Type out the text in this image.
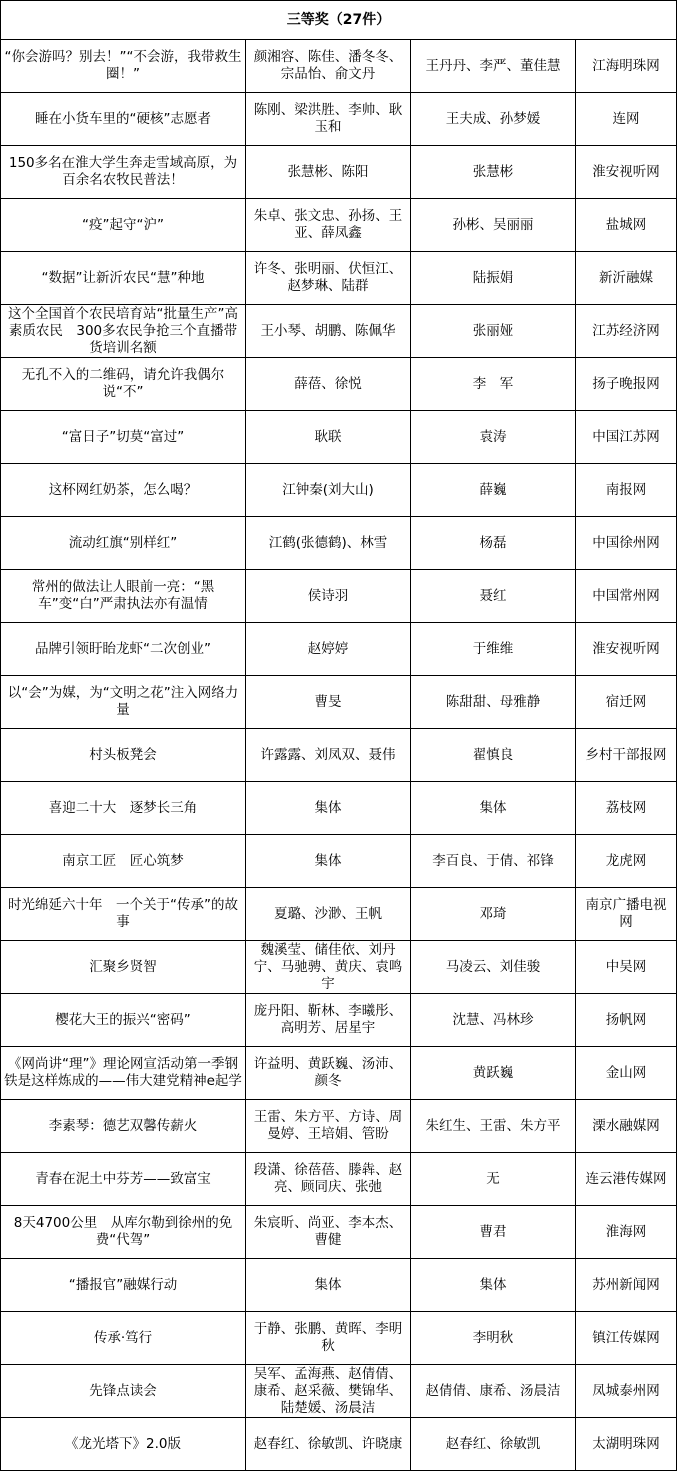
三等奖（27件）			
“你会游吗？别去！”“不会游，我带救生圈！”	颜湘容、陈佳、潘冬冬、宗品怡、俞文丹	王丹丹、李严、董佳慧	江海明珠网
睡在小货车里的“硬核”志愿者	陈刚、梁洪胜、李帅、耿玉和	王夫成、孙梦媛	连网
150多名在淮大学生奔走雪域高原，为百余名农牧民普法！	张慧彬、陈阳	张慧彬	淮安视听网
“疫”起守“沪”	朱卓、张文忠、孙扬、王亚、薛凤鑫	孙彬、吴丽丽	盐城网
“数据”让新沂农民“慧”种地	许冬、张明丽、伏恒江、赵梦琳、陆群	陆振娟	新沂融媒
这个全国首个农民培育站“批量生产”高素质农民　300多农民争抢三个直播带货培训名额	王小琴、胡鹏、陈佩华	张丽娅	江苏经济网
无孔不入的二维码，请允许我偶尔说“不”	薛蓓、徐悦	李　军	扬子晚报网
“富日子”切莫“富过”	耿联	袁涛	中国江苏网
这杯网红奶茶，怎么喝？	江钟秦(刘大山)	薛巍	南报网
流动红旗“别样红”	江鹤(张德鹤)、林雪	杨磊	中国徐州网
常州的做法让人眼前一亮：“黑车”变“白”严肃执法亦有温情	侯诗羽	聂红	中国常州网
品牌引领盱眙龙虾“二次创业”	赵婷婷	于维维	淮安视听网
以“会”为媒，为“文明之花”注入网络力量	曹旻	陈甜甜、母雅静	宿迁网
村头板凳会	许露露、刘凤双、聂伟	翟慎良	乡村干部报网
喜迎二十大　逐梦长三角	集体	集体	荔枝网
南京工匠　匠心筑梦	集体	李百良、于倩、祁锋	龙虎网
时光绵延六十年　一个关于“传承”的故事	夏璐、沙渺、王帆	邓琦	南京广播电视网
汇聚乡贤智	魏溪莹、储佳依、刘丹宁、马驰骋、黄庆、袁鸣宇	马凌云、刘佳骏	中吴网
樱花大王的振兴“密码”	庞丹阳、靳林、李曦彤、高明芳、居星宇	沈慧、冯林珍	扬帆网
《网尚讲“理”》理论网宣活动第一季钢铁是这样炼成的——伟大建党精神e起学	许益明、黄跃巍、汤沛、颜冬	黄跃巍	金山网
李素琴：德艺双馨传薪火	王雷、朱方平、方诗、周曼婷、王培娟、管盼	朱红生、王雷、朱方平	溧水融媒网
青春在泥土中芬芳——致富宝	段潇、徐蓓蓓、滕犇、赵亮、顾同庆、张弛	无	连云港传媒网
8天4700公里　从库尔勒到徐州的免费“代驾”	朱宸昕、尚亚、李本杰、曹健	曹君	淮海网
“播报官”融媒行动	集体	集体	苏州新闻网
传承·笃行	于静、张鹏、黄晖、李明秋	李明秋	镇江传媒网
先锋点读会	吴军、孟海燕、赵倩倩、康希、赵采薇、樊锦华、陆楚媛、汤晨洁	赵倩倩、康希、汤晨洁	凤城泰州网
《龙光塔下》2.0版	赵春红、徐敏凯、许晓康	赵春红、徐敏凯	太湖明珠网
